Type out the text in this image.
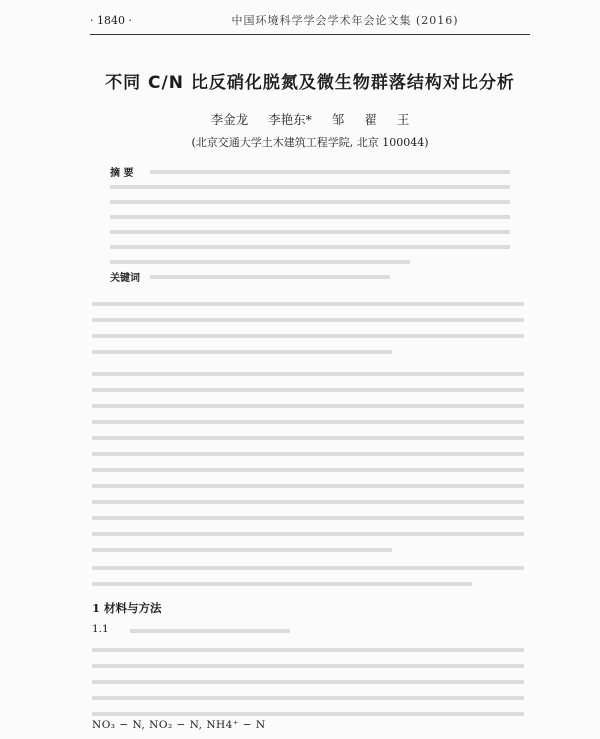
· 1840 ·	中国环境科学学会学术年会论文集 (2016)
不同 C/N 比反硝化脱氮及微生物群落结构对比分析
李金龙 李艳东* 邹 翟 王
(北京交通大学土木建筑工程学院, 北京 100044)
摘 要
关键词
1 材料与方法
1.1
NO₃ − N, NO₂ − N, NH4⁺ − N
